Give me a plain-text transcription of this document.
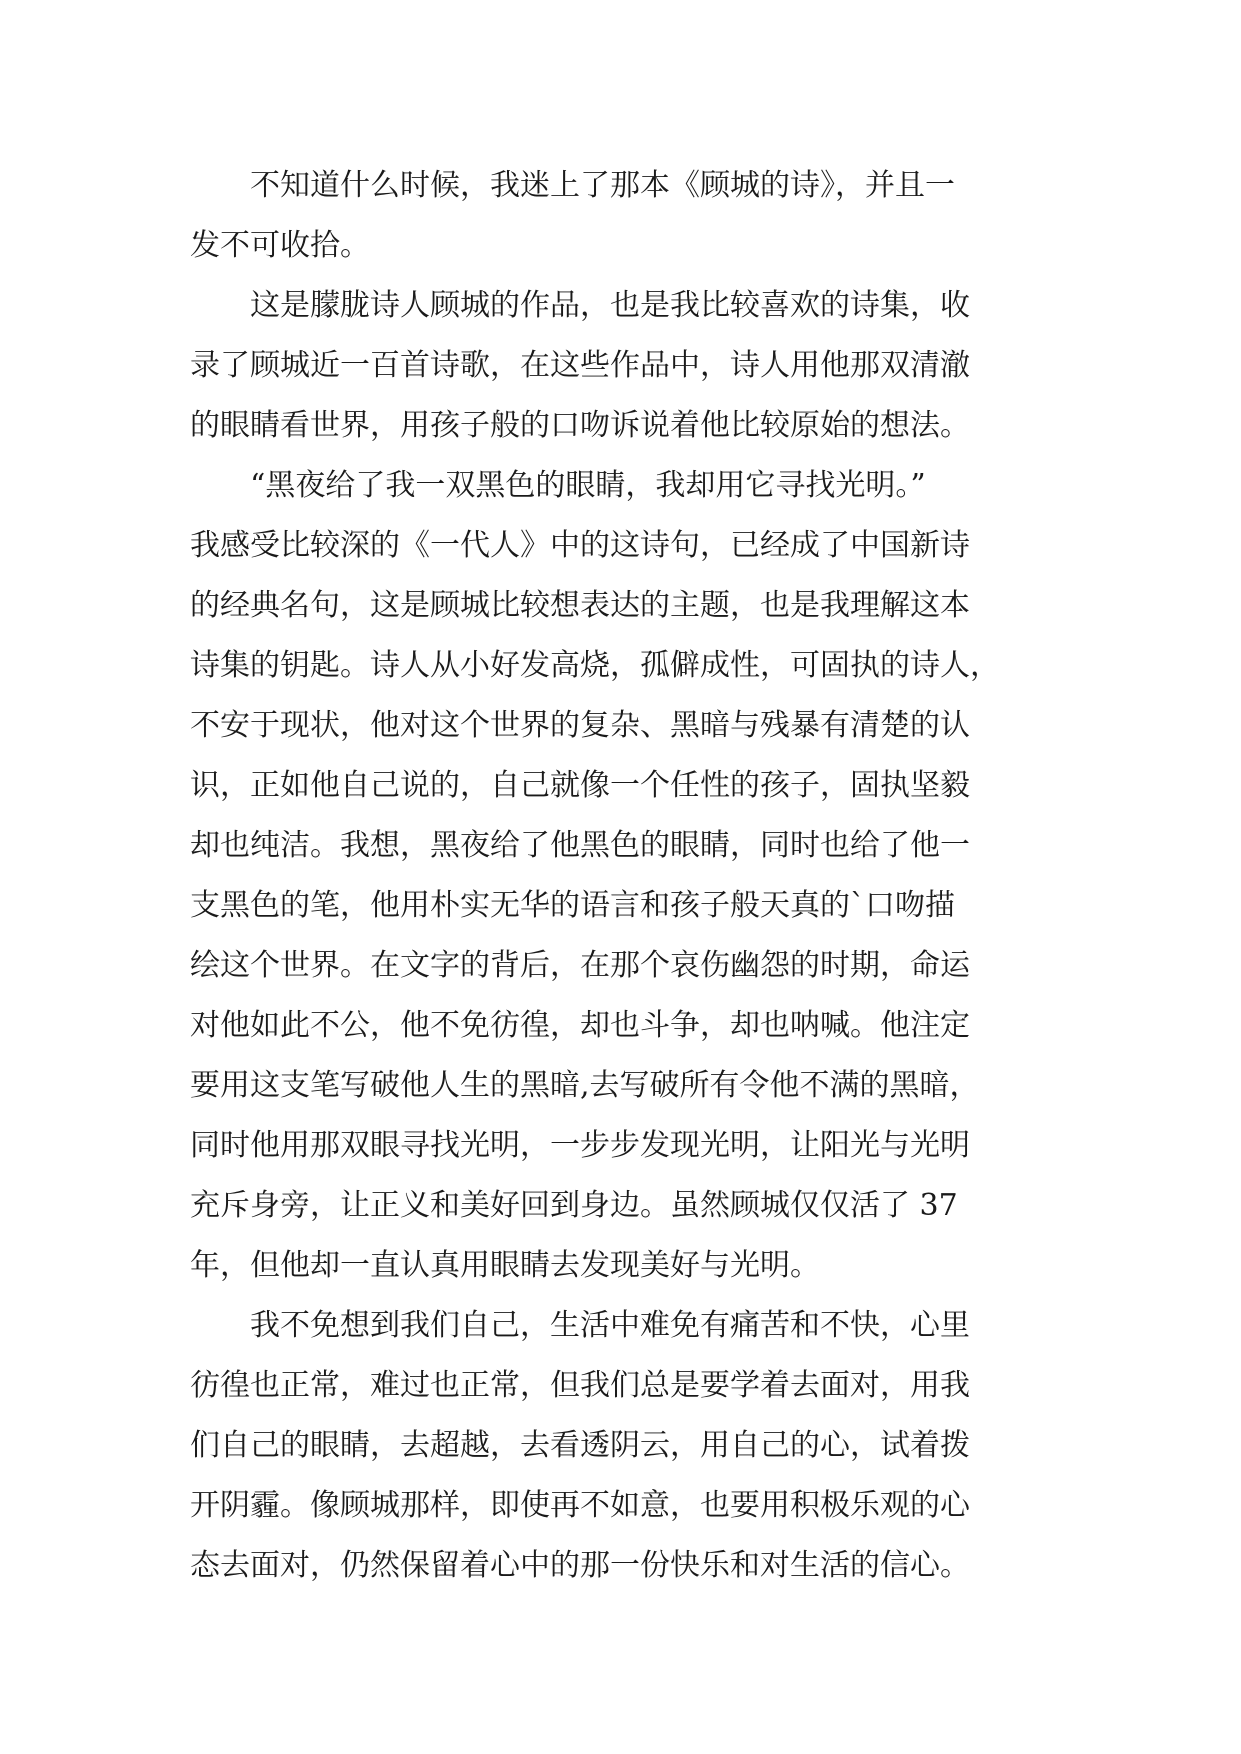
　　不知道什么时候，我迷上了那本《顾城的诗》，并且一
发不可收拾。
　　这是朦胧诗人顾城的作品，也是我比较喜欢的诗集，收
录了顾城近一百首诗歌，在这些作品中，诗人用他那双清澈
的眼睛看世界，用孩子般的口吻诉说着他比较原始的想法。
　　“黑夜给了我一双黑色的眼睛，我却用它寻找光明。”
我感受比较深的《一代人》中的这诗句，已经成了中国新诗
的经典名句，这是顾城比较想表达的主题，也是我理解这本
诗集的钥匙。诗人从小好发高烧，孤僻成性，可固执的诗人，
不安于现状，他对这个世界的复杂、黑暗与残暴有清楚的认
识，正如他自己说的，自己就像一个任性的孩子，固执坚毅
却也纯洁。我想，黑夜给了他黑色的眼睛，同时也给了他一
支黑色的笔，他用朴实无华的语言和孩子般天真的`口吻描
绘这个世界。在文字的背后，在那个哀伤幽怨的时期，命运
对他如此不公，他不免彷徨，却也斗争，却也呐喊。他注定
要用这支笔写破他人生的黑暗,去写破所有令他不满的黑暗，
同时他用那双眼寻找光明，一步步发现光明，让阳光与光明
充斥身旁，让正义和美好回到身边。虽然顾城仅仅活了 37
年，但他却一直认真用眼睛去发现美好与光明。
　　我不免想到我们自己，生活中难免有痛苦和不快，心里
彷徨也正常，难过也正常，但我们总是要学着去面对，用我
们自己的眼睛，去超越，去看透阴云，用自己的心，试着拨
开阴霾。像顾城那样，即使再不如意，也要用积极乐观的心
态去面对，仍然保留着心中的那一份快乐和对生活的信心。
